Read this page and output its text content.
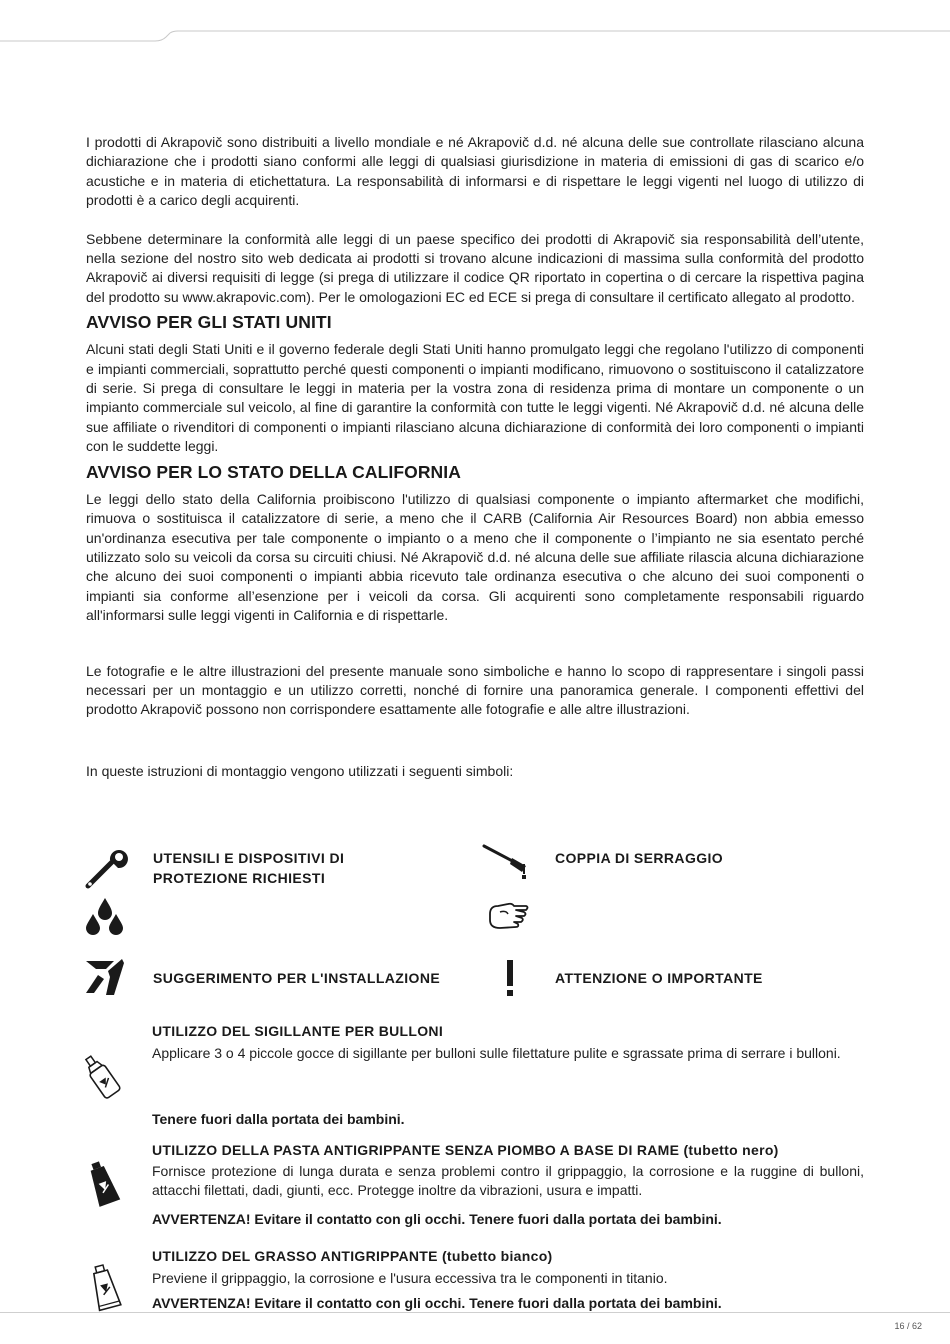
I prodotti di Akrapovič sono distribuiti a livello mondiale e né Akrapovič d.d. né alcuna delle sue controllate rilasciano alcuna dichiarazione che i prodotti siano conformi alle leggi di qualsiasi giurisdizione in materia di emissioni di gas di scarico e/o acustiche e in materia di etichettatura. La responsabilità di informarsi e di rispettare le leggi vigenti nel luogo di utilizzo di prodotti è a carico degli acquirenti.

Sebbene determinare la conformità alle leggi di un paese specifico dei prodotti di Akrapovič sia responsabilità dell’utente, nella sezione del nostro sito web dedicata ai prodotti si trovano alcune indicazioni di massima sulla conformità del prodotto Akrapovič ai diversi requisiti di legge (si prega di utilizzare il codice QR riportato in copertina o di cercare la rispettiva pagina del prodotto su www.akrapovic.com). Per le omologazioni EC ed ECE si prega di consultare il certificato allegato al prodotto.

AVVISO PER GLI STATI UNITI

Alcuni stati degli Stati Uniti e il governo federale degli Stati Uniti hanno promulgato leggi che regolano l'utilizzo di componenti e impianti commerciali, soprattutto perché questi componenti o impianti modificano, rimuovono o sostituiscono il catalizzatore di serie. Si prega di consultare le leggi in materia per la vostra zona di residenza prima di montare un componente o un impianto commerciale sul veicolo, al fine di garantire la conformità con tutte le leggi vigenti. Né Akrapovič d.d. né alcuna delle sue affiliate o rivenditori di componenti o impianti rilasciano alcuna dichiarazione di conformità dei loro componenti o impianti con le suddette leggi.

AVVISO PER LO STATO DELLA CALIFORNIA

Le leggi dello stato della California proibiscono l'utilizzo di qualsiasi componente o impianto aftermarket che modifichi, rimuova o sostituisca il catalizzatore di serie, a meno che il CARB (California Air Resources Board) non abbia emesso un'ordinanza esecutiva per tale componente o impianto o a meno che il componente o l’impianto ne sia esentato perché utilizzato solo su veicoli da corsa su circuiti chiusi. Né Akrapovič d.d. né alcuna delle sue affiliate rilascia alcuna dichiarazione che alcuno dei suoi componenti o impianti abbia ricevuto tale ordinanza esecutiva o che alcuno dei suoi componenti o impianti sia conforme all’esenzione per i veicoli da corsa. Gli acquirenti sono completamente responsabili riguardo all'informarsi sulle leggi vigenti in California e di rispettarle.

Le fotografie e le altre illustrazioni del presente manuale sono simboliche e hanno lo scopo di rappresentare i singoli passi necessari per un montaggio e un utilizzo corretti, nonché di fornire una panoramica generale. I componenti effettivi del prodotto Akrapovič possono non corrispondere esattamente alle fotografie e alle altre illustrazioni.

In queste istruzioni di montaggio vengono utilizzati i seguenti simboli:

UTENSILI E DISPOSITIVI DI
PROTEZIONE RICHIESTI
COPPIA DI SERRAGGIO
SUGGERIMENTO PER L'INSTALLAZIONE	ATTENZIONE O IMPORTANTE
UTILIZZO DEL SIGILLANTE PER BULLONI
Applicare 3 o 4 piccole gocce di sigillante per bulloni sulle filettature pulite e sgrassate prima di serrare i bulloni.
Tenere fuori dalla portata dei bambini.
UTILIZZO DELLA PASTA ANTIGRIPPANTE SENZA PIOMBO A BASE DI RAME (tubetto nero)
Fornisce protezione di lunga durata e senza problemi contro il grippaggio, la corrosione e la ruggine di bulloni, attacchi filettati, dadi, giunti, ecc. Protegge inoltre da vibrazioni, usura e impatti.
AVVERTENZA! Evitare il contatto con gli occhi. Tenere fuori dalla portata dei bambini.
UTILIZZO DEL GRASSO ANTIGRIPPANTE (tubetto bianco)
Previene il grippaggio, la corrosione e l'usura eccessiva tra le componenti in titanio.
AVVERTENZA! Evitare il contatto con gli occhi. Tenere fuori dalla portata dei bambini.
16 / 62
